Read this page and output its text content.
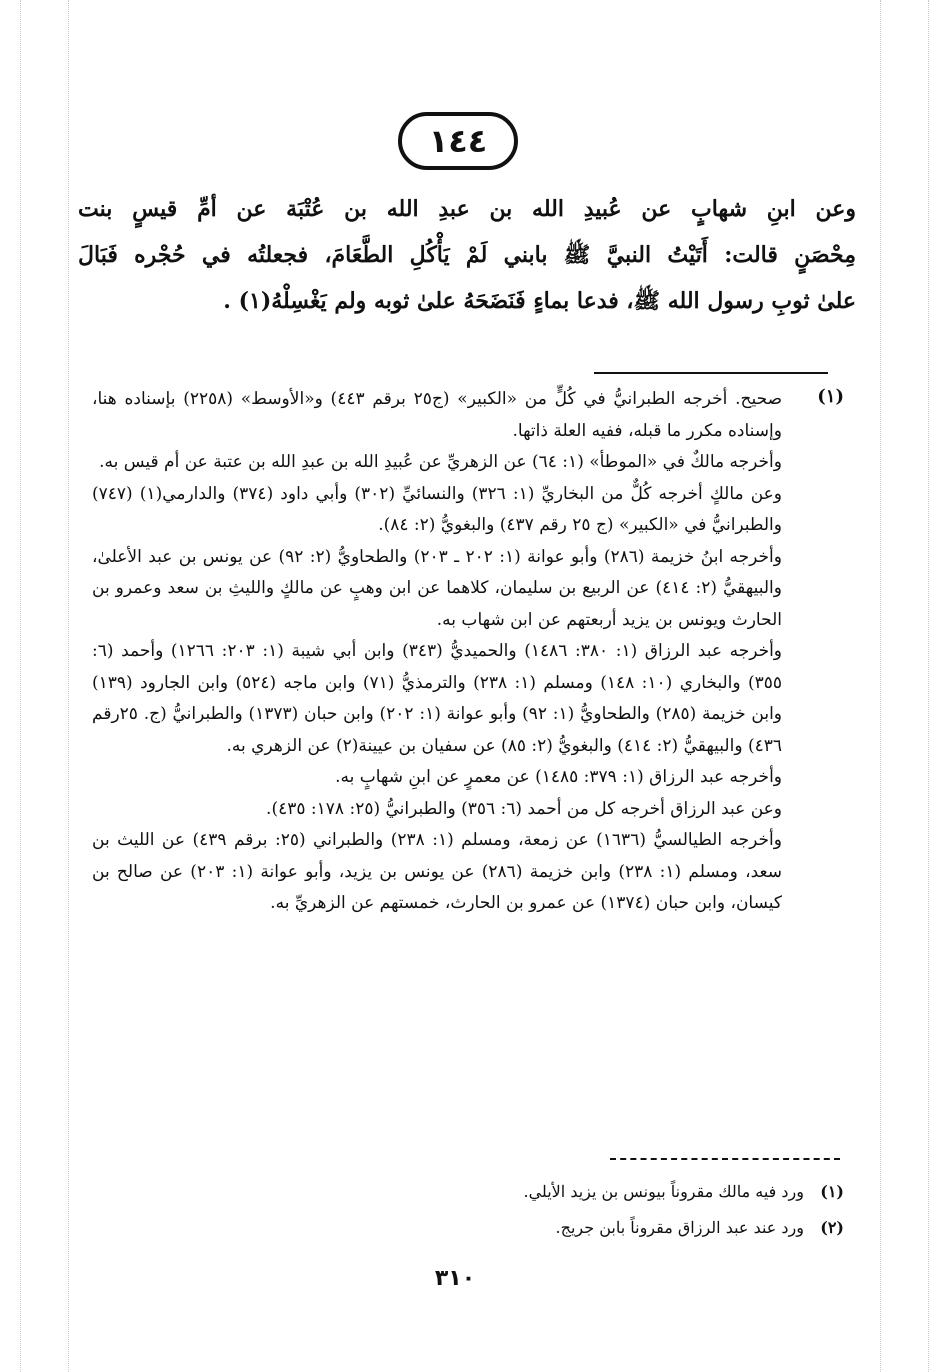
١٤٤
وعن ابنِ شهابٍ عن عُبيدِ الله بن عبدِ الله بن عُتْبَة عن أمِّ قيسٍ بنت
مِحْصَنٍ قالت: أَتَيْتُ النبيَّ ﷺ بابني لَمْ يَأْكُلِ الطَّعَامَ، فجعلتُه في حُجْره فَبَالَ
علىٰ ثوبِ رسول الله ﷺ، فدعا بماءٍ فَنَضَحَهُ علىٰ ثوبه ولم يَغْسِلْهُ(١) .
(١)

صحيح. أخرجه الطبرانيُّ في كُلٍّ من «الكبير» (ج٢٥ برقم ٤٤٣) و«الأوسط» (٢٢٥٨) بإسناده هنا، وإسناده مكرر ما قبله، ففيه العلة ذاتها.

وأخرجه مالكٌ في «الموطأ» (١: ٦٤) عن الزهريِّ عن عُبيدِ الله بن عبدِ الله بن عتبة عن أم قيس به.

وعن مالكٍ أخرجه كُلٌّ من البخاريِّ (١: ٣٢٦) والنسائيِّ (٣٠٢) وأبي داود (٣٧٤) والدارمي(١) (٧٤٧) والطبرانيُّ في «الكبير» (ج ٢٥ رقم ٤٣٧) والبغويُّ (٢: ٨٤).

وأخرجه ابنُ خزيمة (٢٨٦) وأبو عوانة (١: ٢٠٢ ـ ٢٠٣) والطحاويُّ (٢: ٩٢) عن يونس بن عبد الأعلىٰ، والبيهقيُّ (٢: ٤١٤) عن الربيع بن سليمان، كلاهما عن ابن وهبٍ عن مالكٍ والليثِ بن سعد وعمرو بن الحارث ويونس بن يزيد أربعتهم عن ابن شهاب به.

وأخرجه عبد الرزاق (١: ٣٨٠: ١٤٨٦) والحميديُّ (٣٤٣) وابن أبي شيبة (١: ٢٠٣: ١٢٦٦) وأحمد (٦: ٣٥٥) والبخاري (١٠: ١٤٨) ومسلم (١: ٢٣٨) والترمذيُّ (٧١) وابن ماجه (٥٢٤) وابن الجارود (١٣٩) وابن خزيمة (٢٨٥) والطحاويُّ (١: ٩٢) وأبو عوانة (١: ٢٠٢) وابن حبان (١٣٧٣) والطبرانيُّ (ج. ٢٥رقم ٤٣٦) والبيهقيُّ (٢: ٤١٤) والبغويُّ (٢: ٨٥) عن سفيان بن عيينة(٢) عن الزهري به.

وأخرجه عبد الرزاق (١: ٣٧٩: ١٤٨٥) عن معمرٍ عن ابنِ شهابٍ به.

وعن عبد الرزاق أخرجه كل من أحمد (٦: ٣٥٦) والطبرانيُّ (٢٥: ١٧٨: ٤٣٥).

وأخرجه الطيالسيُّ (١٦٣٦) عن زمعة، ومسلم (١: ٢٣٨) والطبراني (٢٥: برقم ٤٣٩) عن الليث بن سعد، ومسلم (١: ٢٣٨) وابن خزيمة (٢٨٦) عن يونس بن يزيد، وأبو عوانة (١: ٢٠٣) عن صالح بن كيسان، وابن حبان (١٣٧٤) عن عمرو بن الحارث، خمستهم عن الزهريِّ به.

(١)
ورد فيه مالك مقروناً بيونس بن يزيد الأيلي.
(٢)
ورد عند عبد الرزاق مقروناً بابن جريج.
٣١٠
